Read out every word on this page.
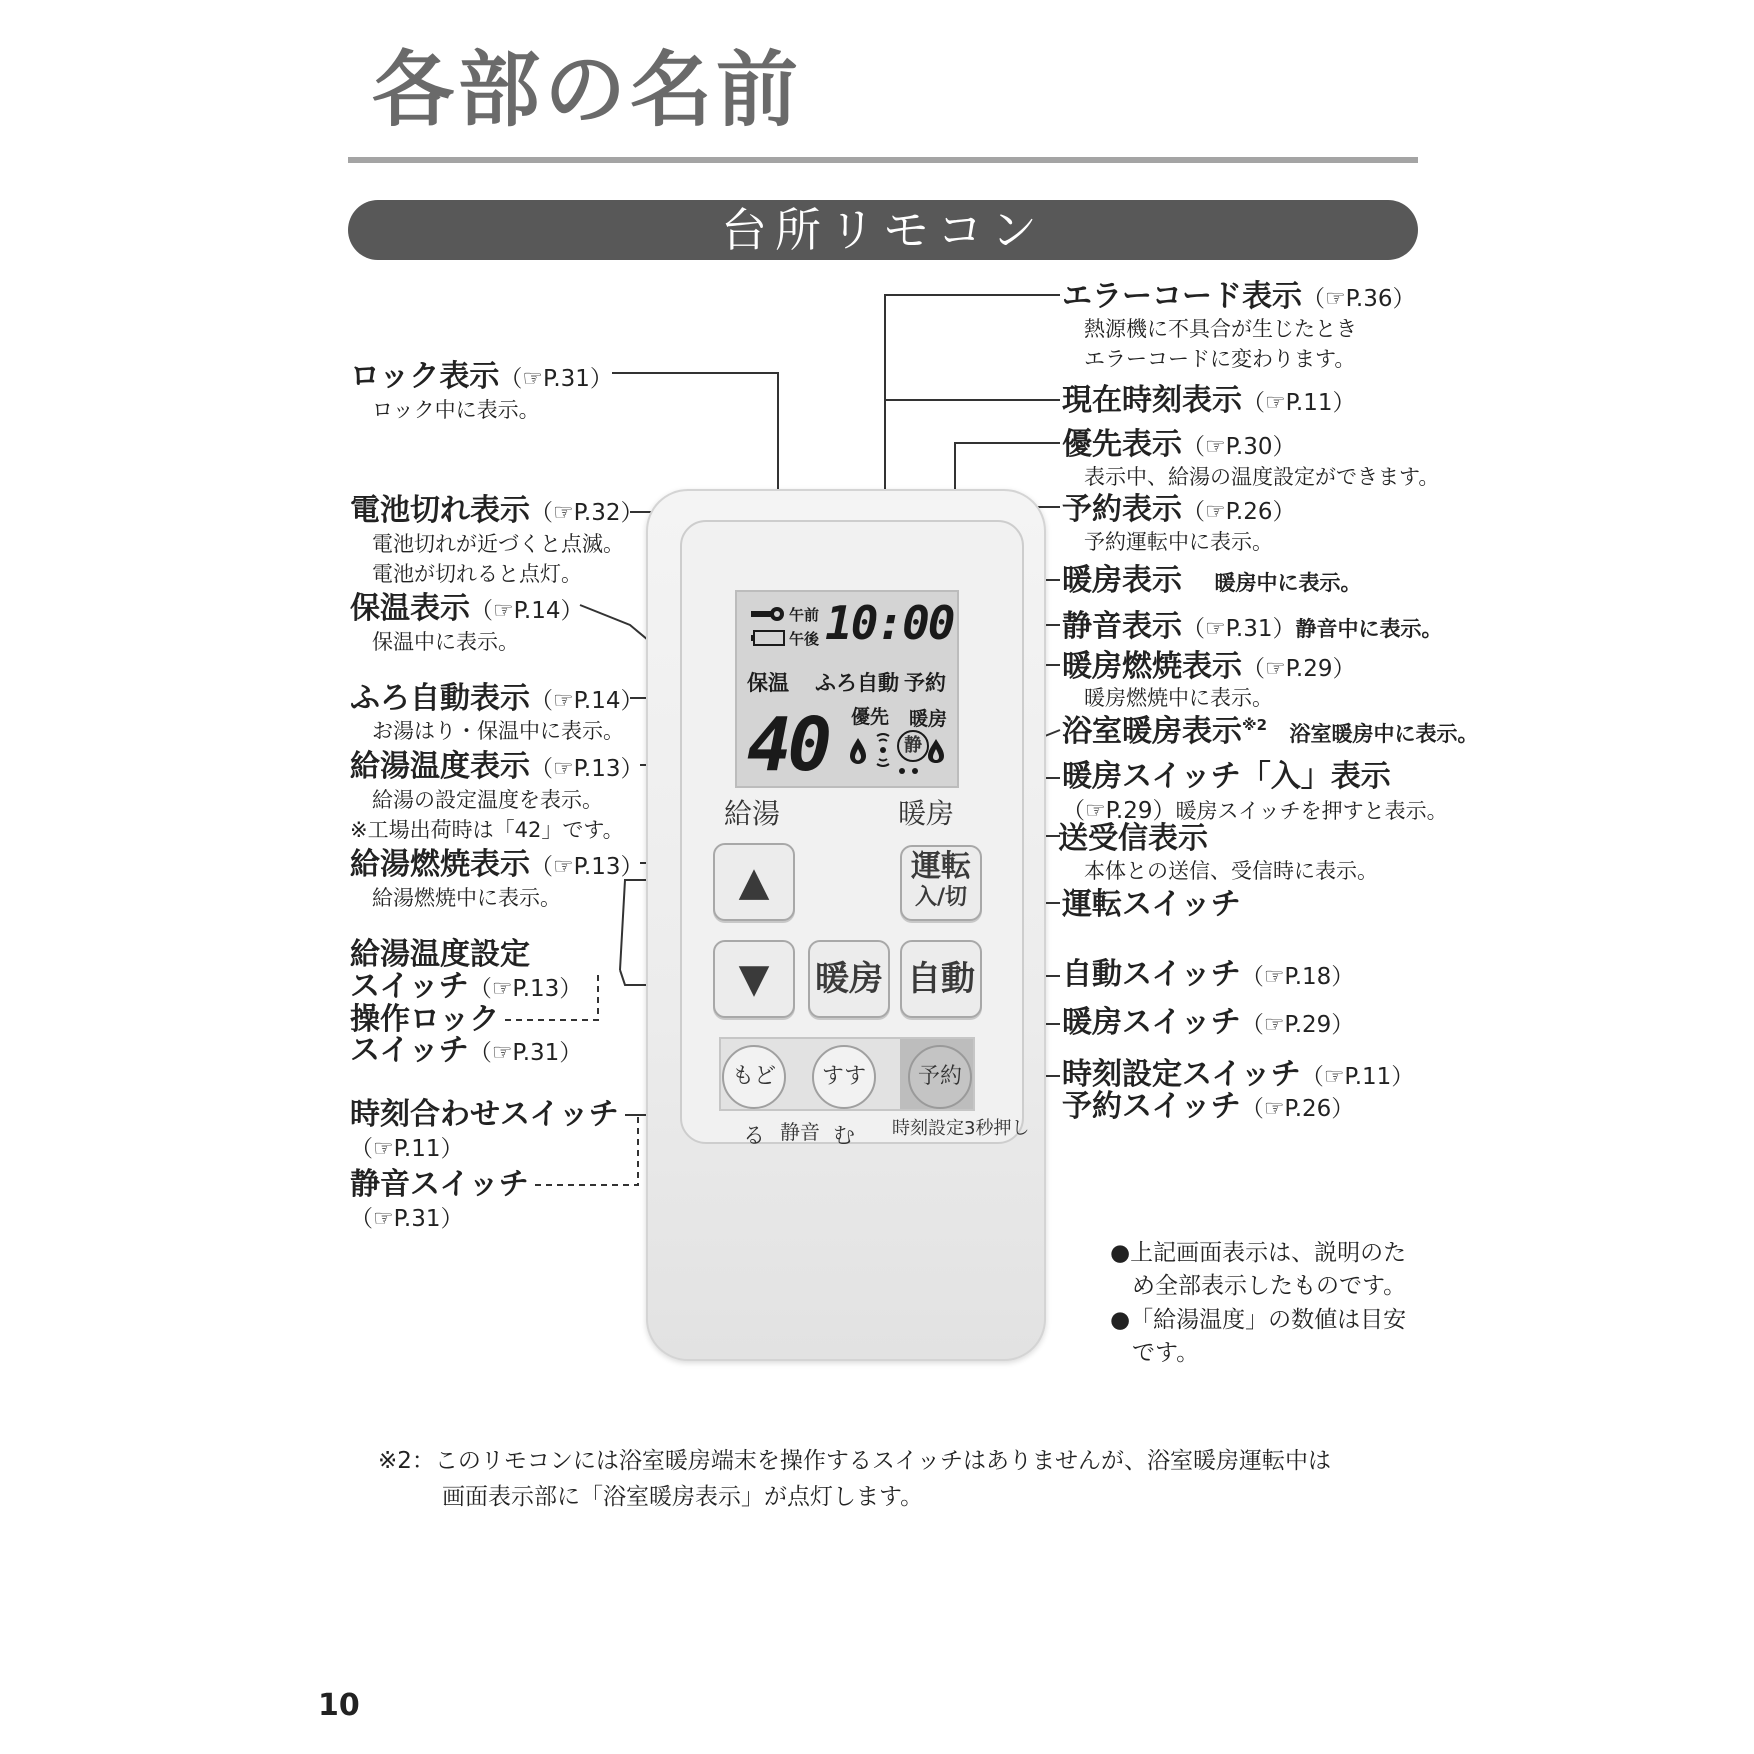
各部の名前
台所リモコン
ロック表示（☞P.31）
ロック中に表示。
電池切れ表示（☞P.32）
電池切れが近づくと点滅。
電池が切れると点灯。
保温表示（☞P.14）
保温中に表示。
ふろ自動表示（☞P.14）
お湯はり・保温中に表示。
給湯温度表示（☞P.13）
給湯の設定温度を表示。
※工場出荷時は「42」です。
給湯燃焼表示（☞P.13）
給湯燃焼中に表示。
給湯温度設定
スイッチ（☞P.13）
操作ロック
スイッチ（☞P.31）
時刻合わせスイッチ
（☞P.11）
静音スイッチ
（☞P.31）
エラーコード表示（☞P.36）
熱源機に不具合が生じたとき
エラーコードに変わります。
現在時刻表示（☞P.11）
優先表示（☞P.30）
表示中、給湯の温度設定ができます。
予約表示（☞P.26）
予約運転中に表示。
暖房表示 暖房中に表示。
静音表示（☞P.31）静音中に表示。
暖房燃焼表示（☞P.29）
暖房燃焼中に表示。
浴室暖房表示$^{※2}$ 浴室暖房中に表示。
暖房スイッチ「入」表示
（☞P.29）暖房スイッチを押すと表示。
送受信表示
本体との送信、受信時に表示。
運転スイッチ
自動スイッチ（☞P.18）
暖房スイッチ（☞P.29）
時刻設定スイッチ（☞P.11）
予約スイッチ（☞P.26）
午前
午後 10:00
保温 ふろ自動 予約
優先 暖房
40	静
給湯	暖房
▲
▼
運転
入/切
暖房 自動
もどる
すすむ
予約
静音	時刻設定3秒押し
●上記画面表示は、説明のた
め全部表示したものです。
●「給湯温度」の数値は目安
です。
※2：このリモコンには浴室暖房端末を操作するスイッチはありませんが、浴室暖房運転中は
画面表示部に「浴室暖房表示」が点灯します。
10
